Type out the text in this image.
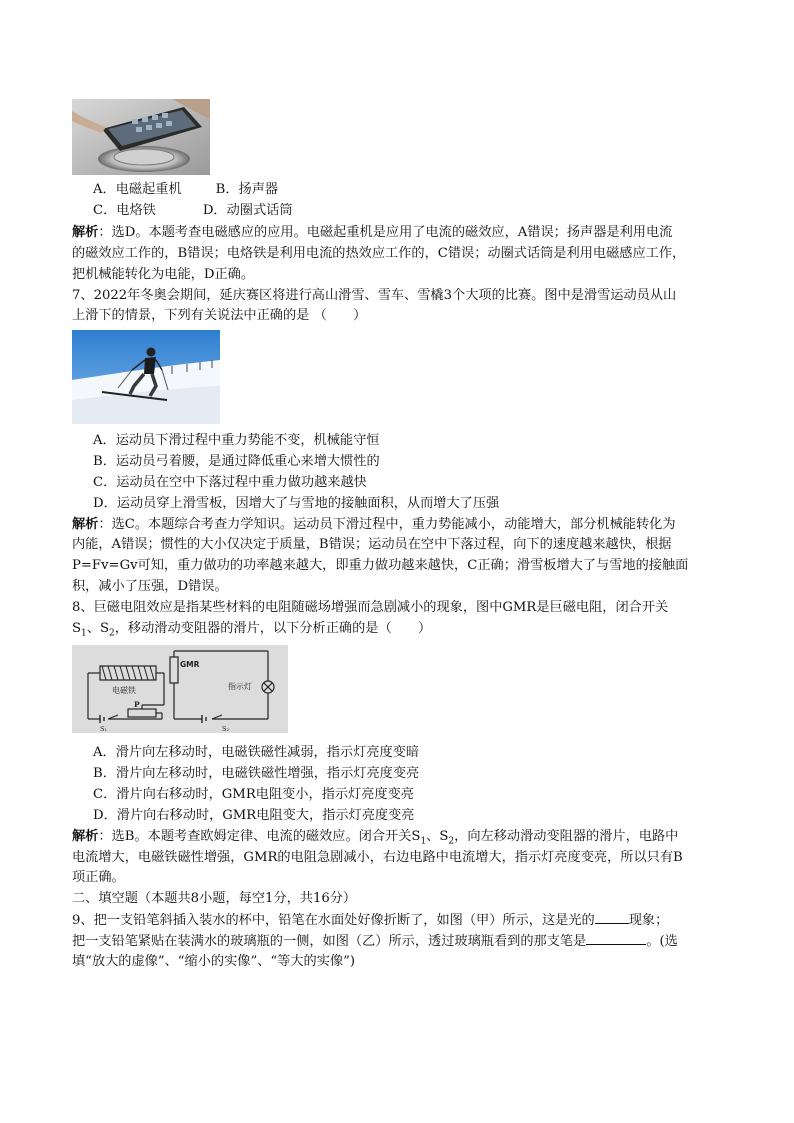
A．电磁起重机	B．扬声器
C．电烙铁	D．动圈式话筒
解析：选D。本题考查电磁感应的应用。电磁起重机是应用了电流的磁效应，A错误；扬声器是利用电流
的磁效应工作的，B错误；电烙铁是利用电流的热效应工作的，C错误；动圈式话筒是利用电磁感应工作，
把机械能转化为电能，D正确。
7、2022年冬奥会期间，延庆赛区将进行高山滑雪、雪车、雪橇3个大项的比赛。图中是滑雪运动员从山
上滑下的情景，下列有关说法中正确的是 （　　）
A．运动员下滑过程中重力势能不变，机械能守恒
B．运动员弓着腰，是通过降低重心来增大惯性的
C．运动员在空中下落过程中重力做功越来越快
D．运动员穿上滑雪板，因增大了与雪地的接触面积，从而增大了压强
解析：选C。本题综合考查力学知识。运动员下滑过程中，重力势能减小，动能增大，部分机械能转化为
内能，A错误；惯性的大小仅决定于质量，B错误；运动员在空中下落过程，向下的速度越来越快，根据
P=Fv=Gv可知，重力做功的功率越来越大，即重力做功越来越快，C正确；滑雪板增大了与雪地的接触面
积，减小了压强，D错误。
8、巨磁电阻效应是指某些材料的电阻随磁场增强而急剧减小的现象，图中GMR是巨磁电阻，闭合开关
$S_1$、$S_2$，移动滑动变阻器的滑片，以下分析正确的是（　　）
电磁铁
GMR
指示灯
P
S₁	S₂
A．滑片向左移动时，电磁铁磁性减弱，指示灯亮度变暗
B．滑片向左移动时，电磁铁磁性增强，指示灯亮度变亮
C．滑片向右移动时，GMR电阻变小，指示灯亮度变亮
D．滑片向右移动时，GMR电阻变大，指示灯亮度变亮
解析：选B。本题考查欧姆定律、电流的磁效应。闭合开关$S_1$、$S_2$，向左移动滑动变阻器的滑片，电路中
电流增大，电磁铁磁性增强，GMR的电阻急剧减小，右边电路中电流增大，指示灯亮度变亮，所以只有B
项正确。
二、填空题（本题共8小题，每空1分，共16分）
9、把一支铅笔斜插入装水的杯中，铅笔在水面处好像折断了，如图（甲）所示，这是光的	现象；
把一支铅笔紧贴在装满水的玻璃瓶的一侧，如图（乙）所示，透过玻璃瓶看到的那支笔是	。(选
填“放大的虚像”、“缩小的实像”、“等大的实像”)
